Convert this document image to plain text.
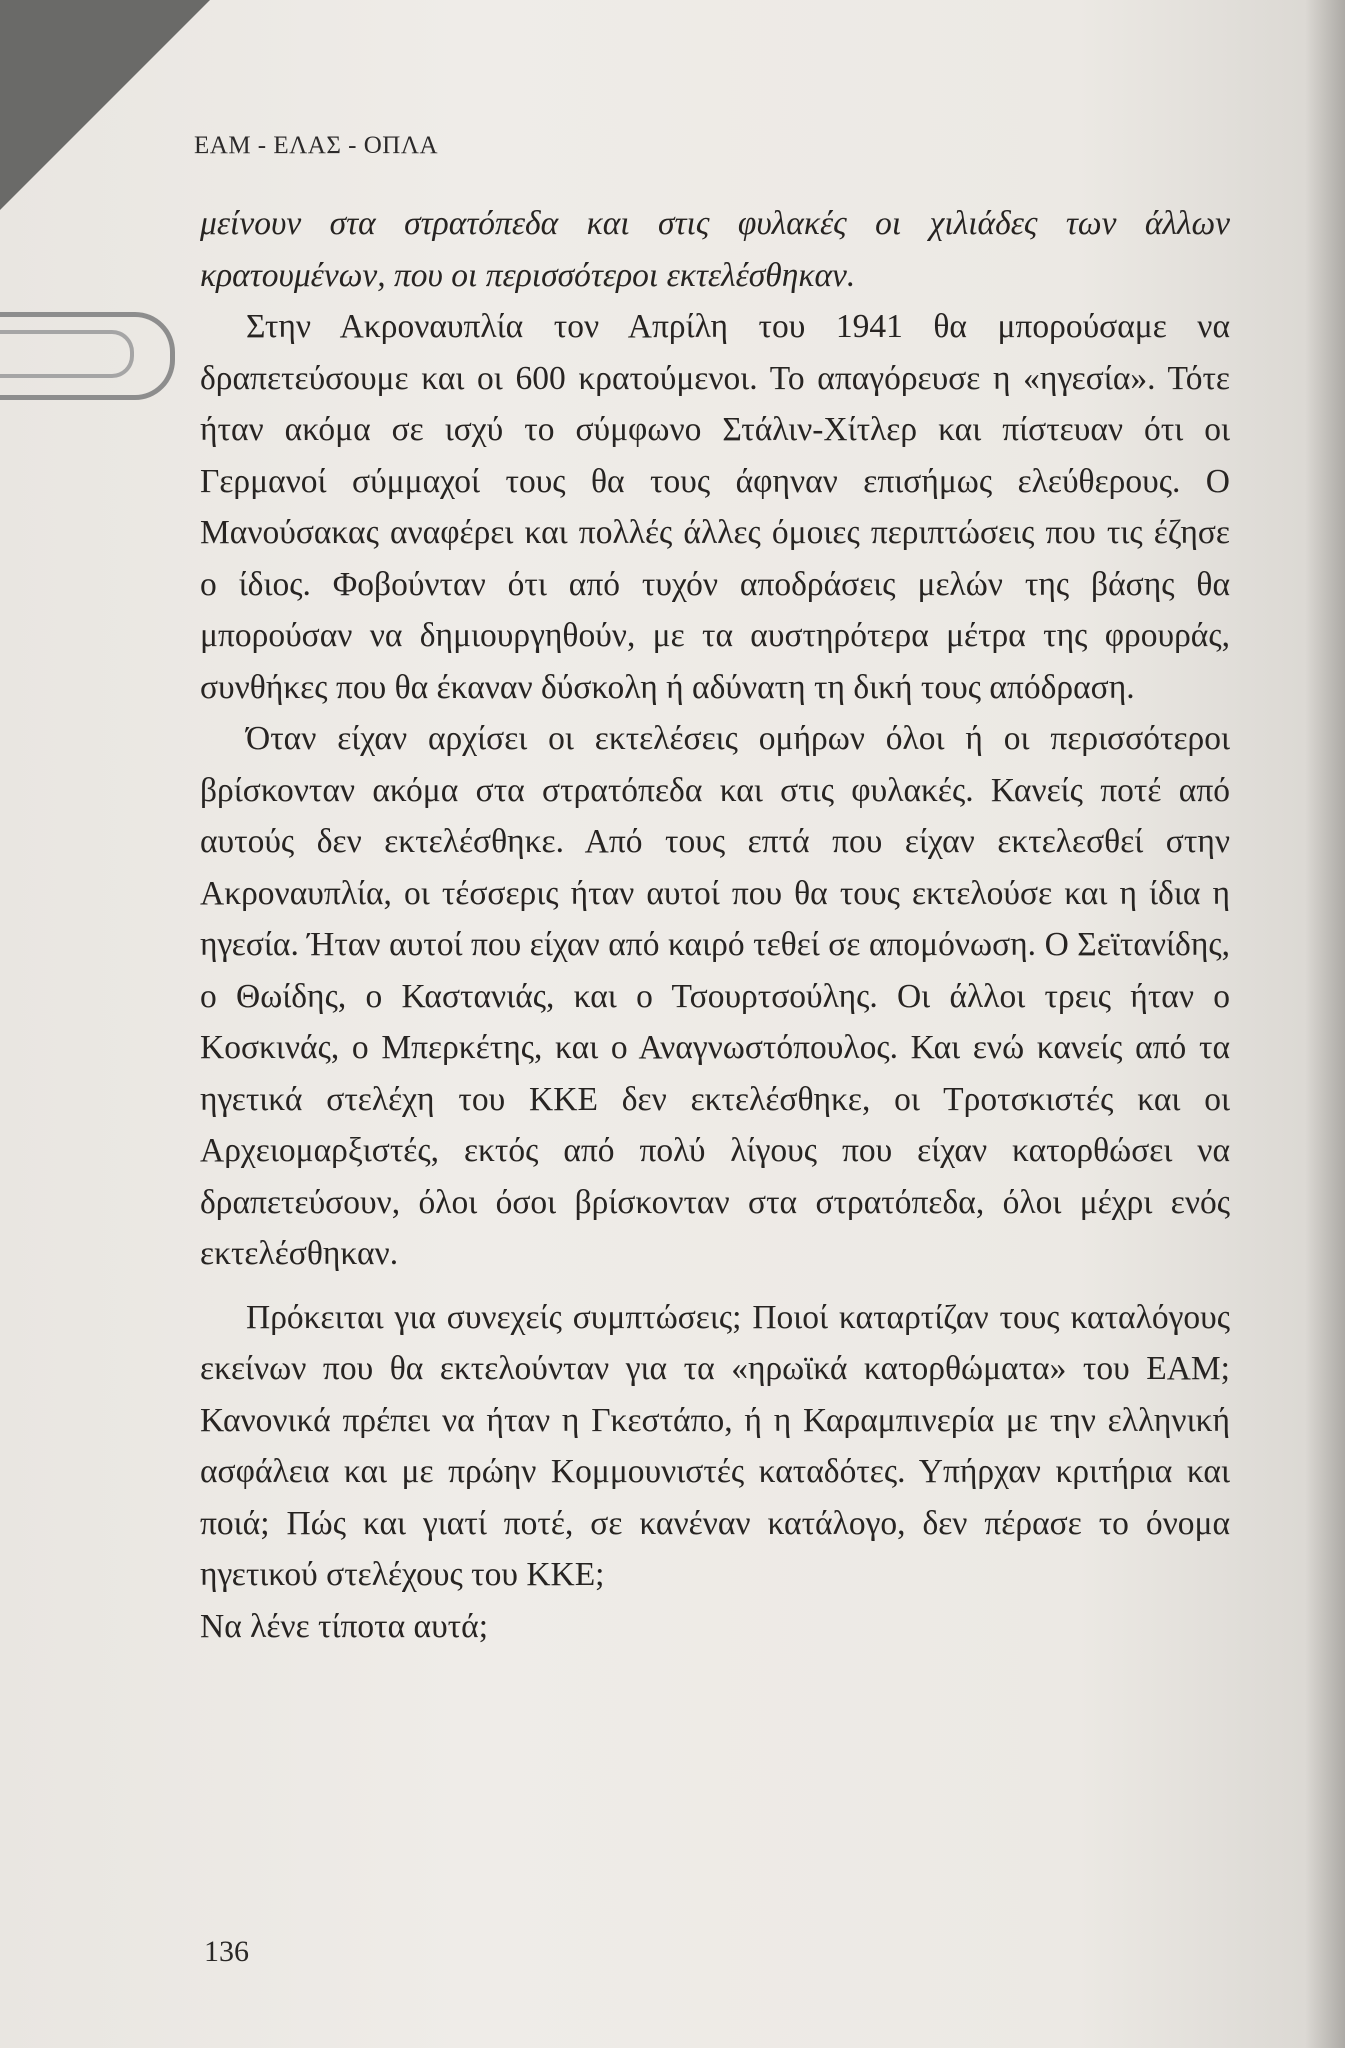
ΕΑΜ - ΕΛΑΣ - ΟΠΛΑ

μείνουν στα στρατόπεδα και στις φυλακές οι χιλιάδες των άλλων κρατουμένων, που οι περισσότεροι εκτελέσθηκαν.

Στην Ακροναυπλία τον Απρίλη του 1941 θα μπορούσαμε να δραπετεύσουμε και οι 600 κρατούμενοι. Το απαγόρευσε η «ηγεσία». Τότε ήταν ακόμα σε ισχύ το σύμφωνο Στάλιν-Χίτλερ και πίστευαν ότι οι Γερμανοί σύμμαχοί τους θα τους άφηναν επισήμως ελεύθερους. Ο Μανούσακας αναφέρει και πολλές άλλες όμοιες περιπτώσεις που τις έζησε ο ίδιος. Φοβούνταν ότι από τυχόν αποδράσεις μελών της βάσης θα μπορούσαν να δημιουργηθούν, με τα αυστηρότερα μέτρα της φρουράς, συνθήκες που θα έκαναν δύσκολη ή αδύνατη τη δική τους απόδραση.

Όταν είχαν αρχίσει οι εκτελέσεις ομήρων όλοι ή οι περισσότεροι βρίσκονταν ακόμα στα στρατόπεδα και στις φυλακές. Κανείς ποτέ από αυτούς δεν εκτελέσθηκε. Από τους επτά που είχαν εκτελεσθεί στην Ακροναυπλία, οι τέσσερις ήταν αυτοί που θα τους εκτελούσε και η ίδια η ηγεσία. Ήταν αυτοί που είχαν από καιρό τεθεί σε απομόνωση. Ο Σεϊτανίδης, ο Θωίδης, ο Καστανιάς, και ο Τσουρτσούλης. Οι άλλοι τρεις ήταν ο Κοσκινάς, ο Μπερκέτης, και ο Αναγνωστόπουλος. Και ενώ κανείς από τα ηγετικά στελέχη του ΚΚΕ δεν εκτελέσθηκε, οι Τροτσκιστές και οι Αρχειομαρξιστές, εκτός από πολύ λίγους που είχαν κατορθώσει να δραπετεύσουν, όλοι όσοι βρίσκονταν στα στρατόπεδα, όλοι μέχρι ενός εκτελέσθηκαν.

Πρόκειται για συνεχείς συμπτώσεις; Ποιοί καταρτίζαν τους καταλόγους εκείνων που θα εκτελούνταν για τα «ηρωϊκά κατορθώματα» του ΕΑΜ; Κανονικά πρέπει να ήταν η Γκεστάπο, ή η Καραμπινερία με την ελληνική ασφάλεια και με πρώην Κομμουνιστές καταδότες. Υπήρχαν κριτήρια και ποιά; Πώς και γιατί ποτέ, σε κανέναν κατάλογο, δεν πέρασε το όνομα ηγετικού στελέχους του ΚΚΕ;

Να λένε τίποτα αυτά;

136
